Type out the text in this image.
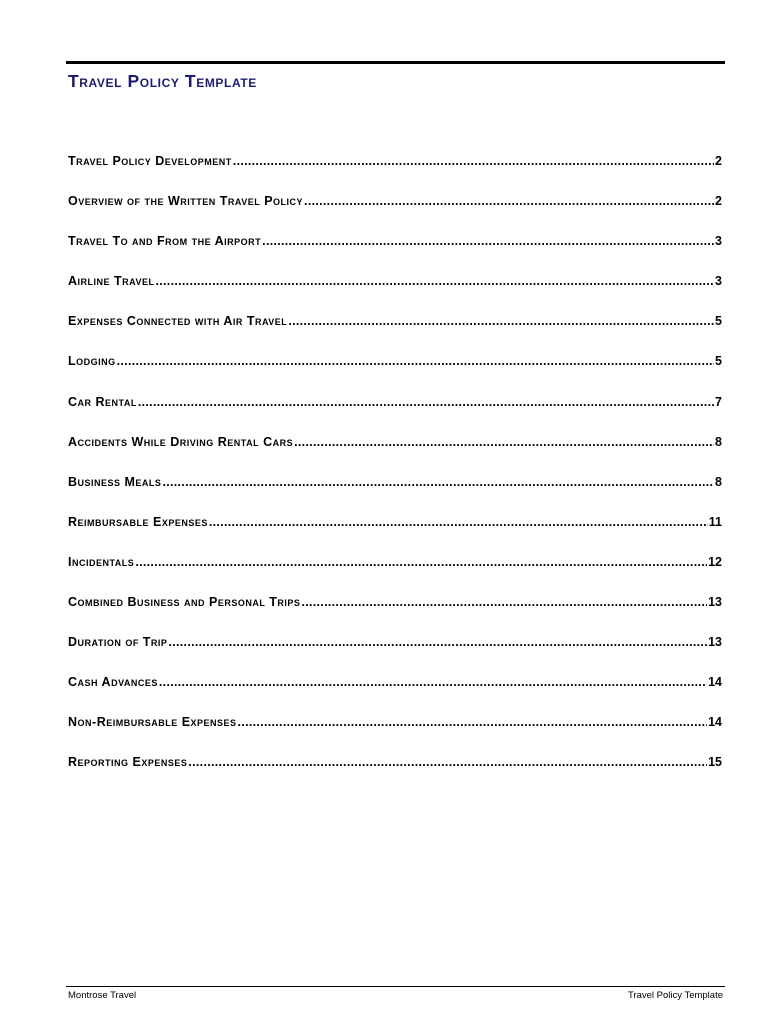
Travel Policy Template
Travel Policy Development .....	2
Overview of the Written Travel Policy .....	2
Travel To and From the Airport .....	3
Airline Travel .....	3
Expenses Connected with Air Travel .....	5
Lodging .....	5
Car Rental .....	7
Accidents While Driving Rental Cars .....	8
Business Meals .....	8
Reimbursable Expenses .....	11
Incidentals .....	12
Combined Business and Personal Trips .....	13
Duration of Trip .....	13
Cash Advances .....	14
Non-Reimbursable Expenses .....	14
Reporting Expenses .....	15
Montrose Travel	Travel Policy Template
